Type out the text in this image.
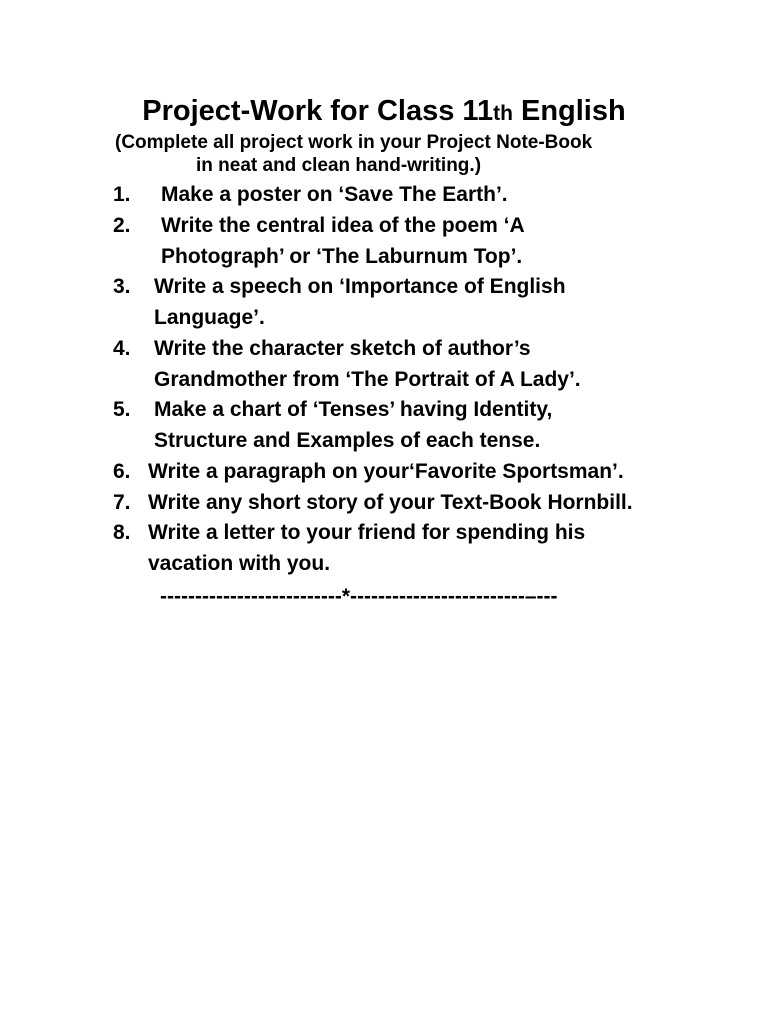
Project-Work for Class 11th English
(Complete all project work in your Project Note-Book
in neat and clean hand-writing.)
1. Make a poster on ‘Save The Earth’.
2. Write the central idea of the poem ‘A
Photograph’ or ‘The Laburnum Top’.
3. Write a speech on ‘Importance of English
Language’.
4. Write the character sketch of author’s
Grandmother from ‘The Portrait of A Lady’.
5. Make a chart of ‘Tenses’ having Identity,
Structure and Examples of each tense.
6. Write a paragraph on your‘Favorite Sportsman’.
7. Write any short story of your Text-Book Hornbill.
8. Write a letter to your friend for spending his
vacation with you.
--------------------------*-------------------------–---
